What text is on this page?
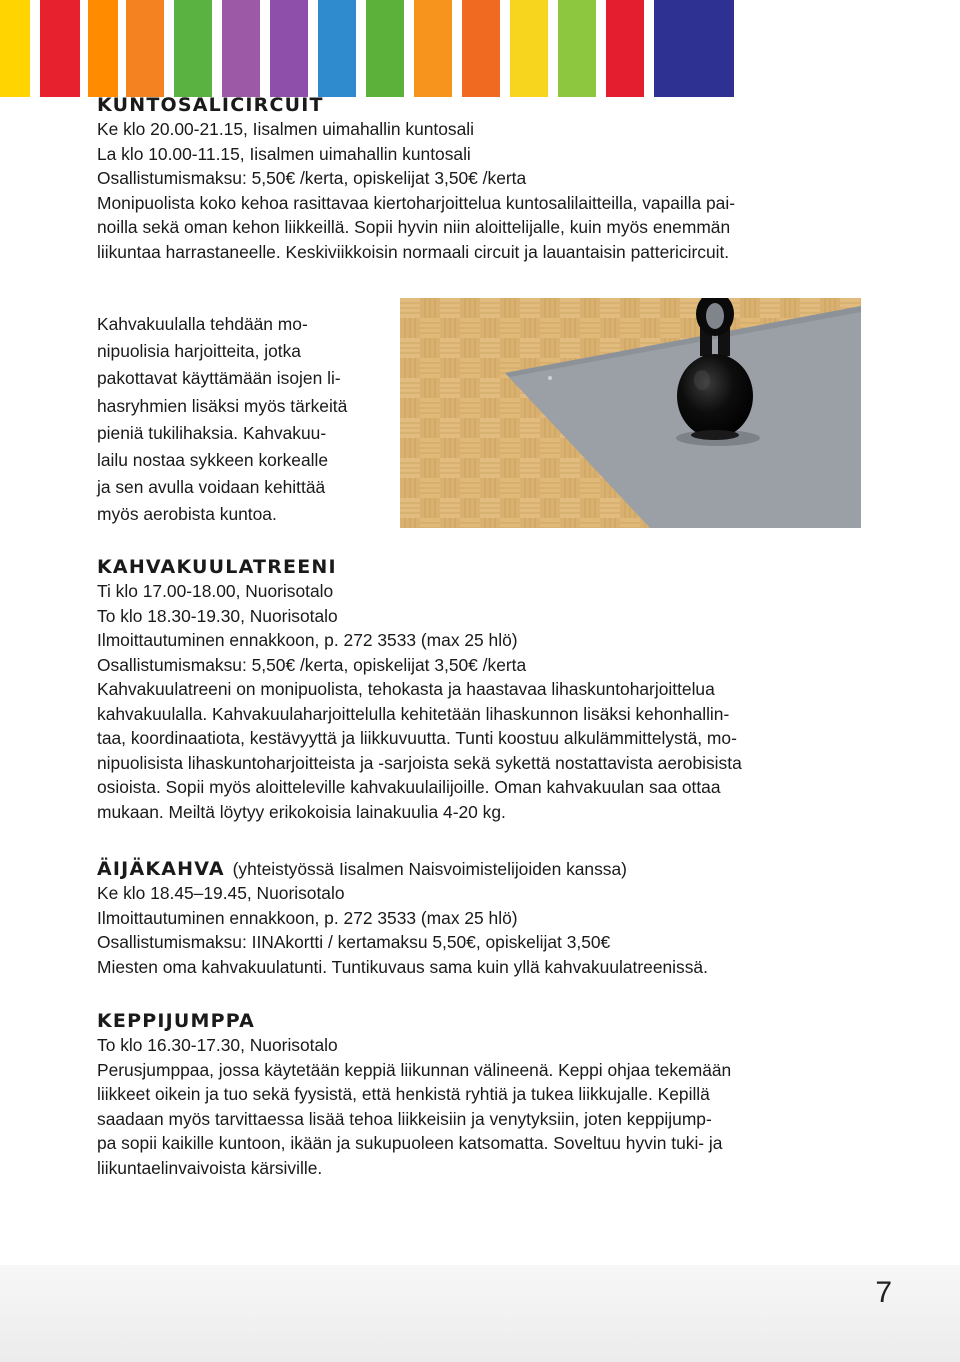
KUNTOSALICIRCUIT
Ke klo 20.00-21.15, Iisalmen uimahallin kuntosali
La klo 10.00-11.15, Iisalmen uimahallin kuntosali
Osallistumismaksu: 5,50€ /kerta, opiskelijat 3,50€ /kerta
Monipuolista koko kehoa rasittavaa kiertoharjoittelua kuntosalilaitteilla, vapailla pai-
noilla sekä oman kehon liikkeillä. Sopii hyvin niin aloittelijalle, kuin myös enemmän
liikuntaa harrastaneelle. Keskiviikkoisin normaali circuit ja lauantaisin pattericircuit.
Kahvakuulalla tehdään mo-
nipuolisia harjoitteita, jotka
pakottavat käyttämään isojen li-
hasryhmien lisäksi myös tärkeitä
pieniä tukilihaksia. Kahvakuu-
lailu nostaa sykkeen korkealle
ja sen avulla voidaan kehittää
myös aerobista kuntoa.
KAHVAKUULATREENI
Ti klo 17.00-18.00, Nuorisotalo
To klo 18.30-19.30, Nuorisotalo
Ilmoittautuminen ennakkoon, p. 272 3533 (max 25 hlö)
Osallistumismaksu: 5,50€ /kerta, opiskelijat 3,50€ /kerta
Kahvakuulatreeni on monipuolista, tehokasta ja haastavaa lihaskuntoharjoittelua
kahvakuulalla. Kahvakuulaharjoittelulla kehitetään lihaskunnon lisäksi kehonhallin-
taa, koordinaatiota, kestävyyttä ja liikkuvuutta. Tunti koostuu alkulämmittelystä, mo-
nipuolisista lihaskuntoharjoitteista ja -sarjoista sekä sykettä nostattavista aerobisista
osioista. Sopii myös aloitteleville kahvakuulailijoille. Oman kahvakuulan saa ottaa
mukaan. Meiltä löytyy erikokoisia lainakuulia 4-20 kg.
ÄIJÄKAHVA (yhteistyössä Iisalmen Naisvoimistelijoiden kanssa)
Ke klo 18.45–19.45, Nuorisotalo
Ilmoittautuminen ennakkoon, p. 272 3533 (max 25 hlö)
Osallistumismaksu: IINAkortti / kertamaksu 5,50€, opiskelijat 3,50€
Miesten oma kahvakuulatunti. Tuntikuvaus sama kuin yllä kahvakuulatreenissä.
KEPPIJUMPPA
To klo 16.30-17.30, Nuorisotalo
Perusjumppaa, jossa käytetään keppiä liikunnan välineenä. Keppi ohjaa tekemään
liikkeet oikein ja tuo sekä fyysistä, että henkistä ryhtiä ja tukea liikkujalle. Kepillä
saadaan myös tarvittaessa lisää tehoa liikkeisiin ja venytyksiin, joten keppijump-
pa sopii kaikille kuntoon, ikään ja sukupuoleen katsomatta. Soveltuu hyvin tuki- ja
liikuntaelinvaivoista kärsiville.
7
